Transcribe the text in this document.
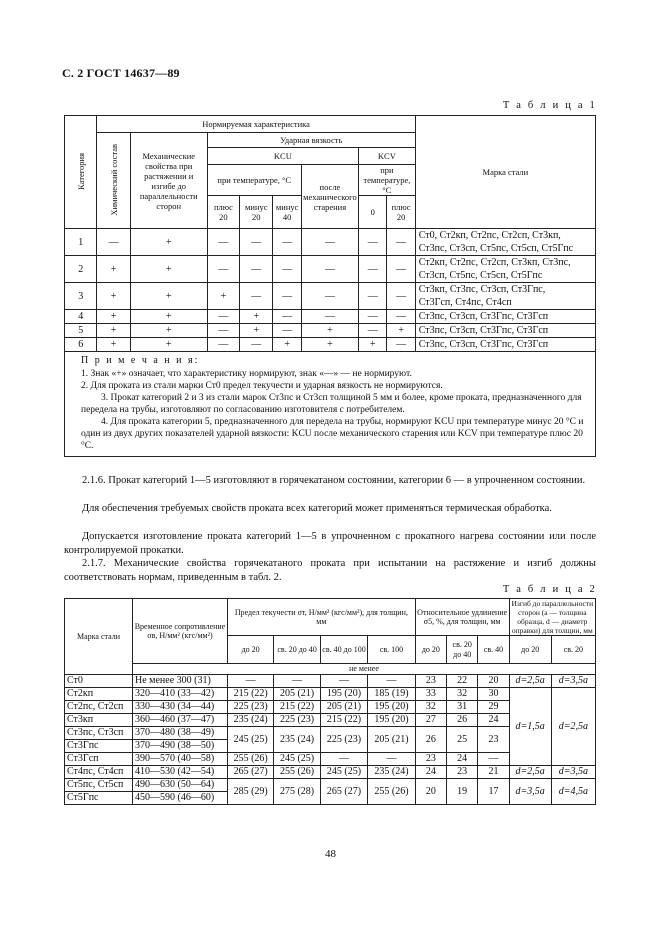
С. 2 ГОСТ 14637—89
Т а б л и ц а 1
Категория	Нормируемая характеристика								Марка стали
	Химический состав	Механические свойства при растяжении и изгибе до параллельности сторон	Ударная вязкость						
			KCU				KCV		
			при температуре, °С			после механического старения	при температуре, °С		
			плюс 20	минус 20	минус 40		0	плюс 20	
1	—	+	—	—	—	—	—	—	Ст0, Ст2кп, Ст2пс, Ст2сп, Ст3кп,
Ст3пс, Ст3сп, Ст5пс, Ст5сп, Ст5Гпс

2	+	+	—	—	—	—	—	—	Ст2кп, Ст2пс, Ст2сп, Ст3кп, Ст3пс,
Ст3сп, Ст5пс, Ст5сп, Ст5Гпс

3	+	+	+	—	—	—	—	—	Ст3кп, Ст3пс, Ст3сп, Ст3Гпс,
Ст3Гсп, Ст4пс, Ст4сп

4	+	+	—	+	—	—	—	—	Ст3пс, Ст3сп, Ст3Гпс, Ст3Гсп

5	+	+	—	+	—	+	—	+	Ст3пс, Ст3сп, Ст3Гпс, Ст3Гсп

6	+	+	—	—	+	+	+	—	Ст3пс, Ст3сп, Ст3Гпс, Ст3Гсп

П р и м е ч а н и я:

1. Знак «+» означает, что характеристику нормируют, знак «—» — не нормируют.

2. Для проката из стали марки Ст0 предел текучести и ударная вязкость не нормируются.

3. Прокат категорий 2 и 3 из стали марок Ст3пс и Ст3сп толщиной 5 мм и более, кроме проката, предназначенного для передела на трубы, изготовляют по согласованию изготовителя с потребителем.

4. Для проката категории 5, предназначенного для передела на трубы, нормируют KCU при температуре минус 20 °С и один из двух других показателей ударной вязкости: KCU после механического старения или KCV при температуре плюс 20 °С.									

2.1.6. Прокат категорий 1—5 изготовляют в горячекатаном состоянии, категории 6 — в упрочненном состоянии.
Для обеспечения требуемых свойств проката всех категорий может применяться термическая обработка.
Допускается изготовление проката категорий 1—5 в упрочненном с прокатного нагрева состоянии или после контролируемой прокатки.
2.1.7. Механические свойства горячекатаного проката при испытании на растяжение и изгиб должны соответствовать нормам, приведенным в табл. 2.
Т а б л и ц а 2
Марка стали	Временное сопротивление σв, Н/мм² (кгс/мм²)	Предел текучести σт, Н/мм² (кгс/мм²), для толщин, мм				Относительное удлинение σ5, %, для толщин, мм			Изгиб до параллельности сторон (а — толщина образца, d — диаметр оправки) для толщин, мм	
		до 20	св. 20 до 40	св. 40 до 100	св. 100	до 20	св. 20 до 40	св. 40	до 20	св. 20
	не менее									
Ст0	Не менее 300 (31)	—	—	—	—	23	22	20	d=2,5a	d=3,5a
Ст2кп	320—410 (33—42)	215 (22)	205 (21)	195 (20)	185 (19)	33	32	30	d=1,5a	d=2,5a
Ст2пс, Ст2сп	330—430 (34—44)	225 (23)	215 (22)	205 (21)	195 (20)	32	31	29		
Ст3кп	360—460 (37—47)	235 (24)	225 (23)	215 (22)	195 (20)	27	26	24		
Ст3пс, Ст3сп	370—480 (38—49)	245 (25)	235 (24)	225 (23)	205 (21)	26	25	23		
Ст3Гпс	370—490 (38—50)									
Ст3Гсп	390—570 (40—58)	255 (26)	245 (25)	—	—	23	24	—		
Ст4пс, Ст4сп	410—530 (42—54)	265 (27)	255 (26)	245 (25)	235 (24)	24	23	21	d=2,5a	d=3,5a
Ст5пс, Ст5сп	490—630 (50—64)	285 (29)	275 (28)	265 (27)	255 (26)	20	19	17	d=3,5a	d=4,5a
Ст5Гпс	450—590 (46—60)									
48
